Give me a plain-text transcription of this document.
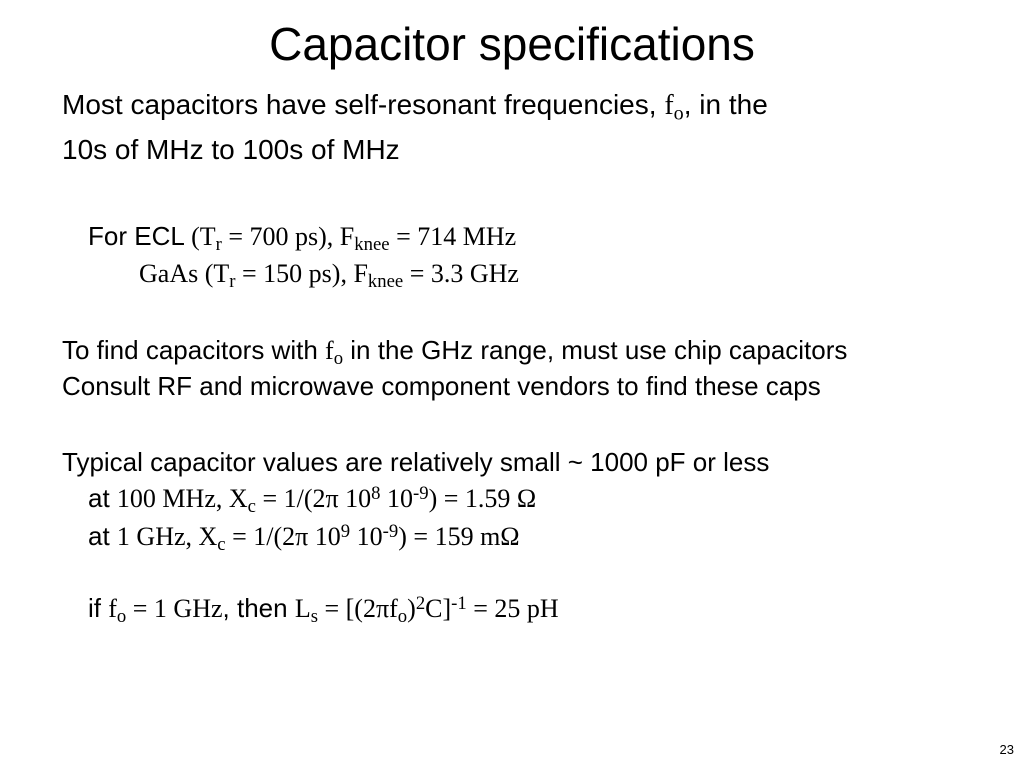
Capacitor specifications
Most capacitors have self-resonant frequencies, $f_o$, in the
10s of MHz to 100s of MHz
For ECL ($T_r = 700$ ps), $F_{knee} = 714$ MHz
GaAs ($T_r = 150$ ps), $F_{knee} = 3.3$ GHz
To find capacitors with $f_o$ in the GHz range, must use chip capacitors
Consult RF and microwave component vendors to find these caps
Typical capacitor values are relatively small ~ 1000 pF or less
at 100 MHz, $X_c = 1/(2\pi$ $10^8$ $10^{-9}) = 1.59$ Ω
at 1 GHz, $X_c = 1/(2\pi$ $10^9$ $10^{-9}) = 159$ mΩ
if $f_o = 1$ GHz, then $L_s = [(2\pi f_o)^2C]^{-1} = 25$ pH
23
